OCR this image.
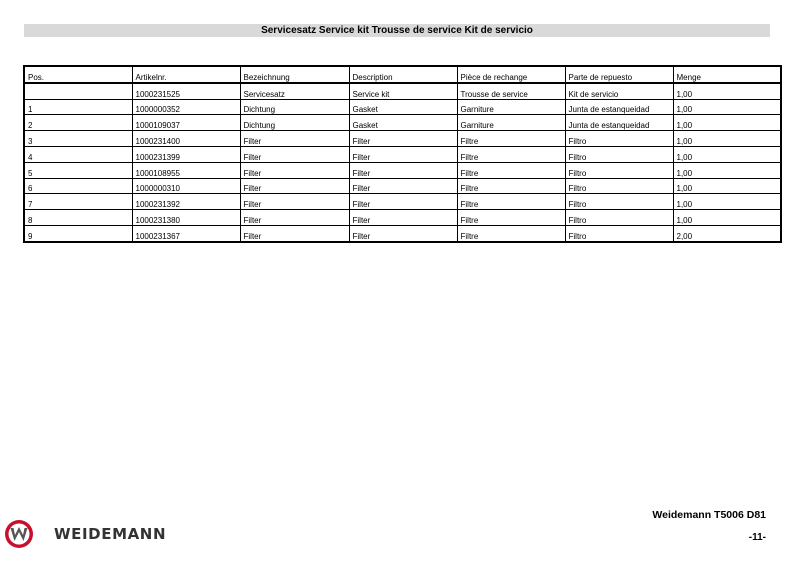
Servicesatz Service kit Trousse de service Kit de servicio
Pos.	Artikelnr.	Bezeichnung	Description	Pièce de rechange	Parte de repuesto	Menge
	1000231525	Servicesatz	Service kit	Trousse de service	Kit de servicio	1,00
1	1000000352	Dichtung	Gasket	Garniture	Junta de estanqueidad	1,00
2	1000109037	Dichtung	Gasket	Garniture	Junta de estanqueidad	1,00
3	1000231400	Filter	Filter	Filtre	Filtro	1,00
4	1000231399	Filter	Filter	Filtre	Filtro	1,00
5	1000108955	Filter	Filter	Filtre	Filtro	1,00
6	1000000310	Filter	Filter	Filtre	Filtro	1,00
7	1000231392	Filter	Filter	Filtre	Filtro	1,00
8	1000231380	Filter	Filter	Filtre	Filtro	1,00
9	1000231367	Filter	Filter	Filtre	Filtro	2,00
WEIDEMANN
Weidemann T5006 D81
-11-
